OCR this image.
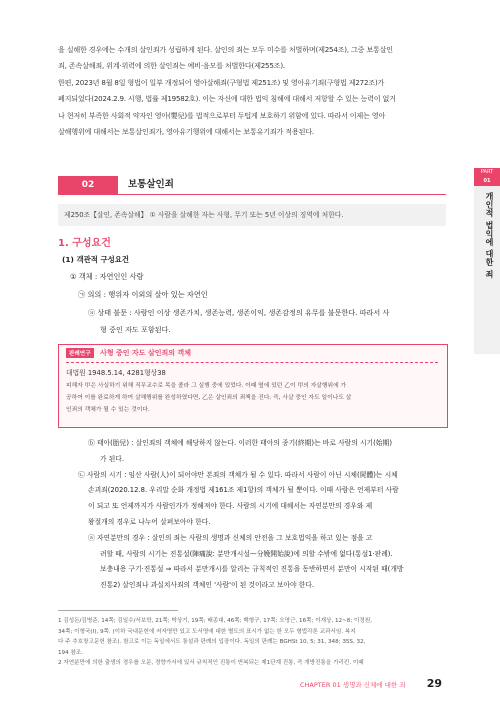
을 실해한 경우에는 수개의 살인죄가 성립하게 된다. 살인의 죄는 모두 미수를 처벌하며(제254조), 그중 보통살인
죄, 존속살해죄, 위계·위력에 의한 살인죄는 예비·음모를 처벌한다(제255조).
한편, 2023년 8월 8일 형법이 일부 개정되어 영아살해죄(구형법 제251조) 및 영아유기죄(구형법 제272조)가
폐지되었다(2024.2.9. 시행, 법률 제19582호). 이는 자신에 대한 법익 침해에 대해서 저항할 수 있는 능력이 없거
나 현저히 부족한 사회적 약자인 영아(嬰兒)를 법적으로부터 두텁게 보호하기 위함에 있다. 따라서 이제는 영아
살해행위에 대해서는 보통살인죄가, 영아유기행위에 대해서는 보통유기죄가 적용된다.
PART
01
개인적 법익에 대한 죄
02	보통살인죄
제250조【살인, 존속살해】 ① 사람을 살해한 자는 사형, 무기 또는 5년 이상의 징역에 처한다.
1. 구성요건
(1) 객관적 구성요건
① 객체 : 자연인인 사람
㉠ 의의 : 행위자 이외의 살아 있는 자연인
ⓐ 상태 불문 : 사람인 이상 생존가치, 생존능력, 생존이익, 생존감정의 유무를 불문한다. 따라서 사
형 중인 자도 포함된다.
판례연구 사형 중인 자도 살인죄의 객체
대법원 1948.5.14, 4281형상38
피해자 甲은 사실하기 위해 직무교수로 목을 졸라 그 실행 중에 있었다. 이때 옆에 있던 乙이 甲의 자살행위에 가
공하여 이를 완료하게 하여 살해행위를 완성하였다면, 乙은 살인죄의 죄책을 진다. 즉, 사살 중인 자도 일이나도 살
인죄의 객체가 될 수 있는 것이다.
ⓑ 태아(胎兒) : 살인죄의 객체에 해당하지 않는다. 이러한 태아의 종기(終期)는 바로 사람의 시기(始期)
가 된다.
㉡ 사람의 시기 : 임산 사람(人)이 되어야만 본죄의 객체가 될 수 있다. 따라서 사람이 아닌 시체(屍體)는 시체
손괴죄(2020.12.8. 우리말 순화 개정법 제161조 제1항)의 객체가 될 뿐이다. 이때 사람은 언제부터 사람
이 되고 또 언제까지가 사람인가가 정해져야 한다. 사람의 시기에 대해서는 자연분만의 경우와 제
왕절개의 경우로 나누어 살펴보아야 한다.
ⓐ 자연분만의 경우 : 살인의 죄는 사람의 생명과 신체의 안전을 그 보호법익을 하고 있는 점을 고
려할 때, 사람의 시기는 진통설(陣痛說: 분만개시설—分娩開始說)에 의할 수밖에 없다(통설1·판례).
보충내용 구기·진통설 ⇒ 따라서 분만개시를 알리는 규칙적인 진통을 동반하면서 분만이 시작된 때(개방
진통2) 살인죄나 과실치사죄의 객체인 '사람'이 된 것이라고 보아야 한다.
1 김성돈/김병준, 14쪽; 김일수/서보학, 21쪽; 박상기, 19쪽; 배종대, 46쪽; 백형구, 17쪽; 오영근, 16쪽; 이재상, 12~8; 이정원,
34쪽; 이형국(Ⅰ), 9쪽. (이하 국내문헌에 저자명만 있고 도서명에 대한 별도의 표시가 없는 한 모두 형법각론 교과서임. 복지
다 주 추호창고문헌 참조). 참고로 이는 독일에서도 통설과 판례의 입장이다. 독일의 판례는 BGHSt 10, 5; 31, 348; 35S, 32,
194 참조.
2 자연분만에 의한 출생의 경우를 오문, 경향가서에 있서 규칙적인 진통이 반복되는 제1단계 진통, 즉 개방진통을 가리킨. 이때
CHAPTER 01 생명과 신체에 대한 죄 29
